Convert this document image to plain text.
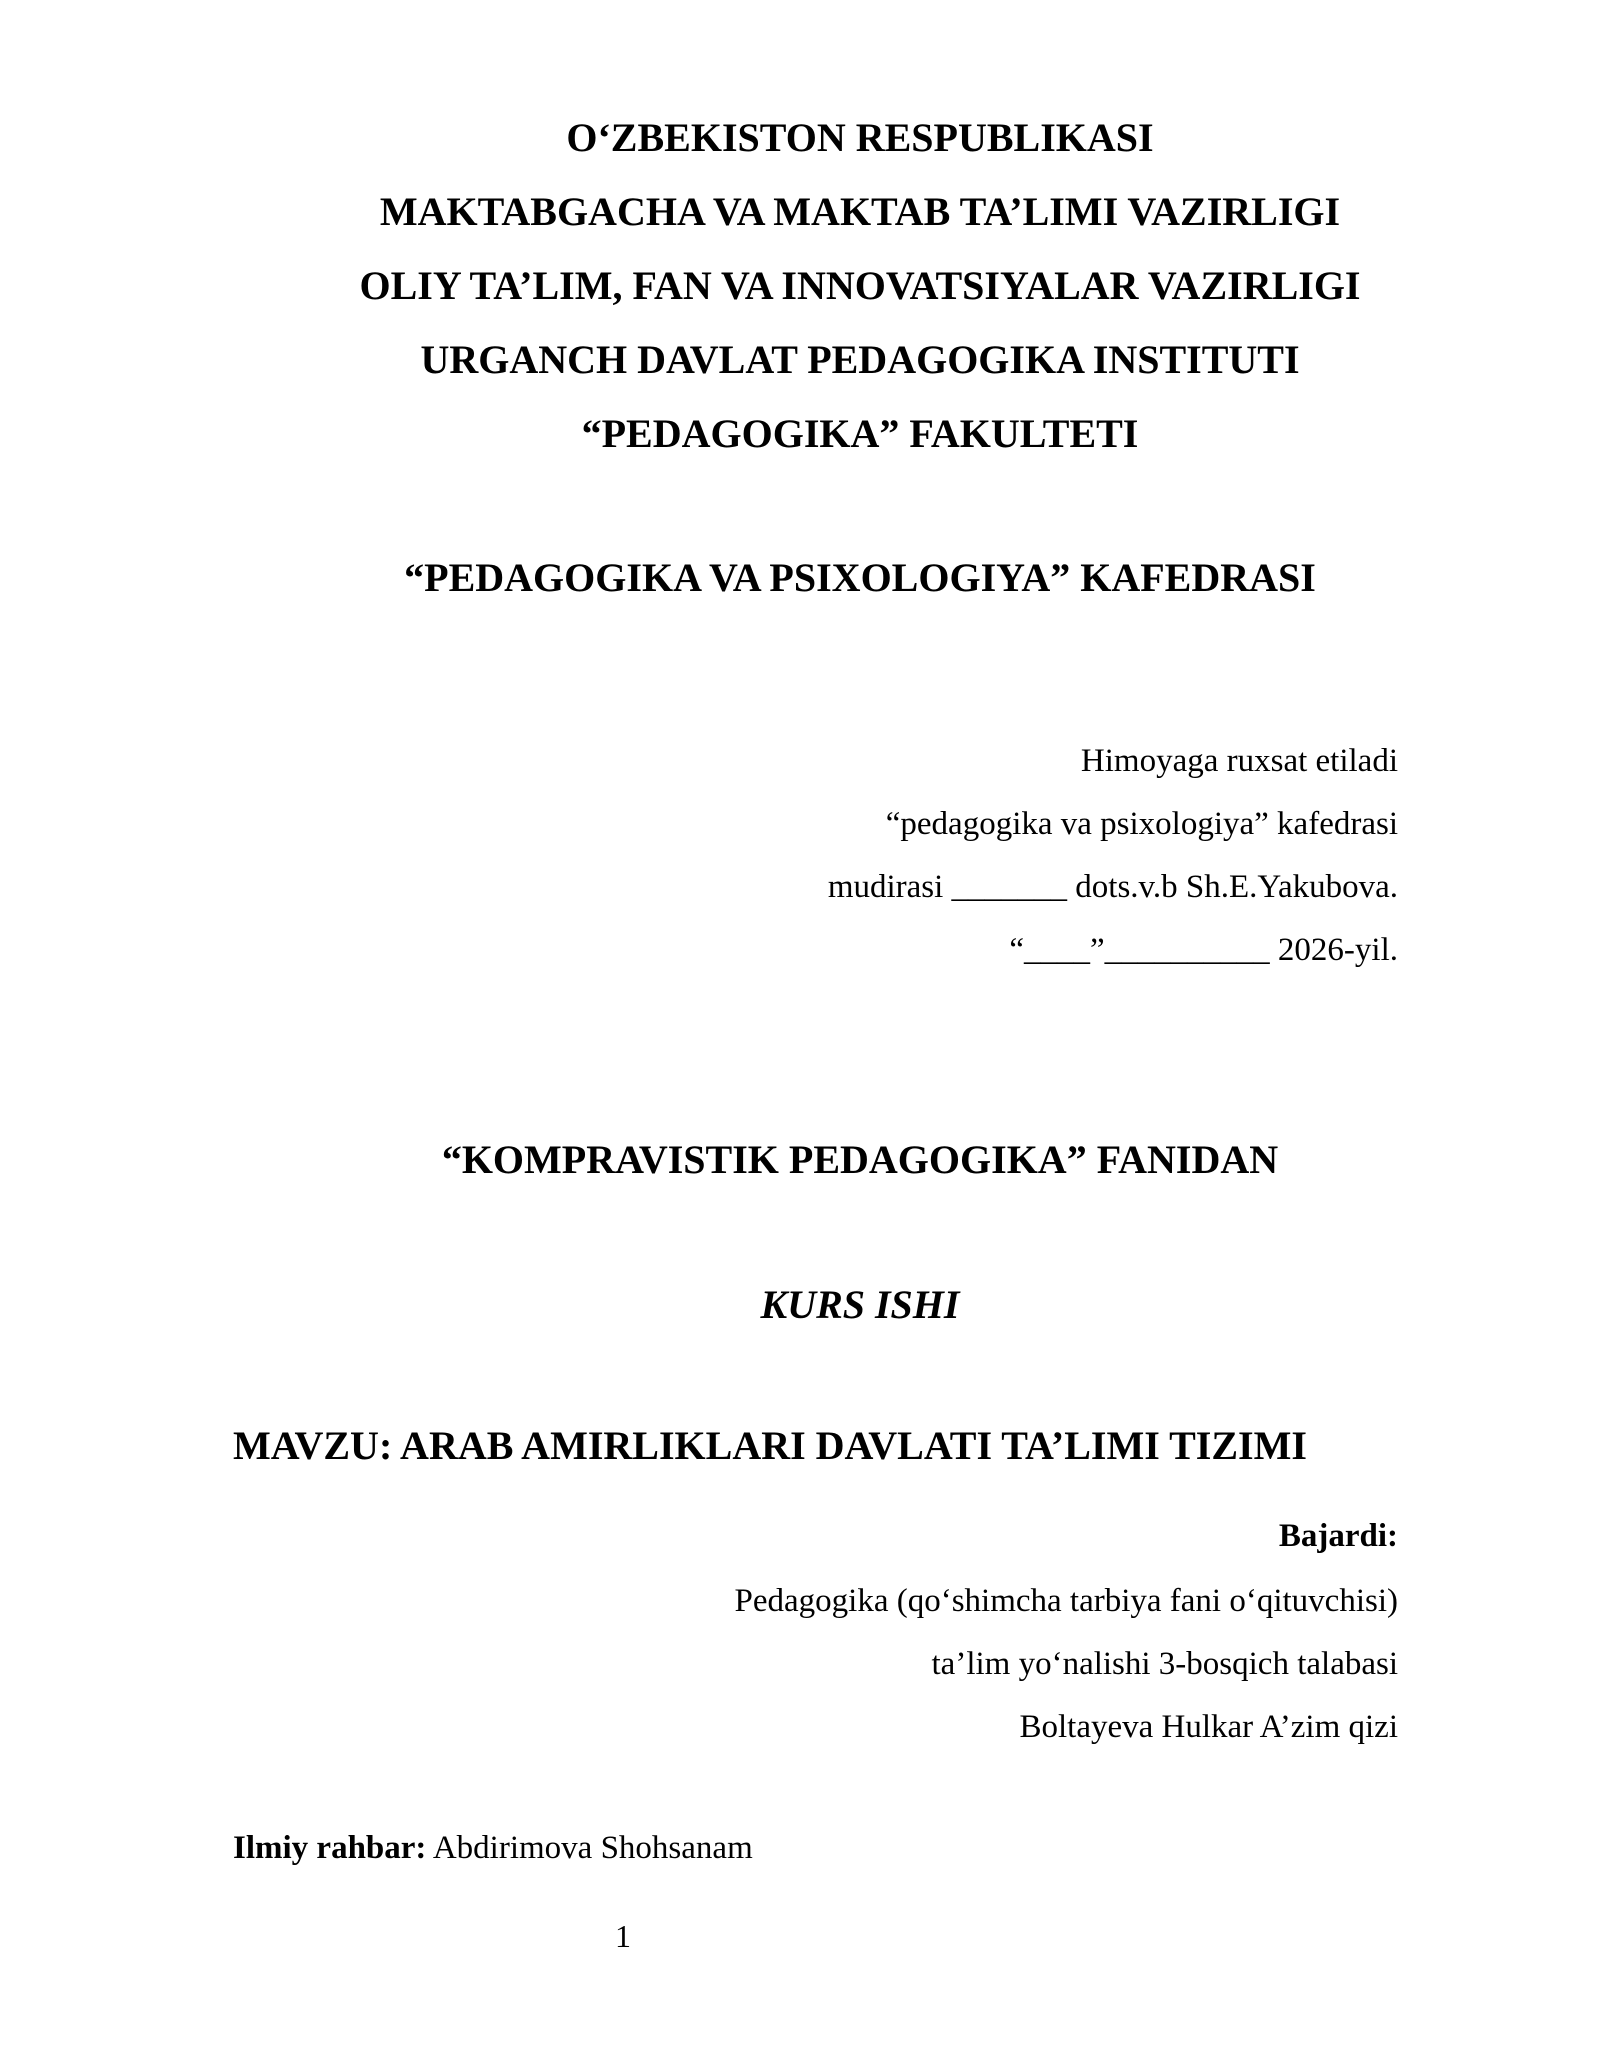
O‘ZBEKISTON RESPUBLIKASI
MAKTABGACHA VA MAKTAB TA’LIMI VAZIRLIGI
OLIY TA’LIM, FAN VA INNOVATSIYALAR VAZIRLIGI
URGANCH DAVLAT PEDAGOGIKA INSTITUTI
“PEDAGOGIKA” FAKULTETI
“PEDAGOGIKA VA PSIXOLOGIYA” KAFEDRASI
Himoyaga ruxsat etiladi
“pedagogika va psixologiya” kafedrasi
mudirasi _______ dots.v.b Sh.E.Yakubova.
“____”__________ 2026-yil.
“KOMPRAVISTIK PEDAGOGIKA” FANIDAN
KURS ISHI
MAVZU: ARAB AMIRLIKLARI DAVLATI TA’LIMI TIZIMI
Bajardi:
Pedagogika (qo‘shimcha tarbiya fani o‘qituvchisi)
ta’lim yo‘nalishi 3-bosqich talabasi
Boltayeva Hulkar A’zim qizi
Ilmiy rahbar: Abdirimova Shohsanam
1
